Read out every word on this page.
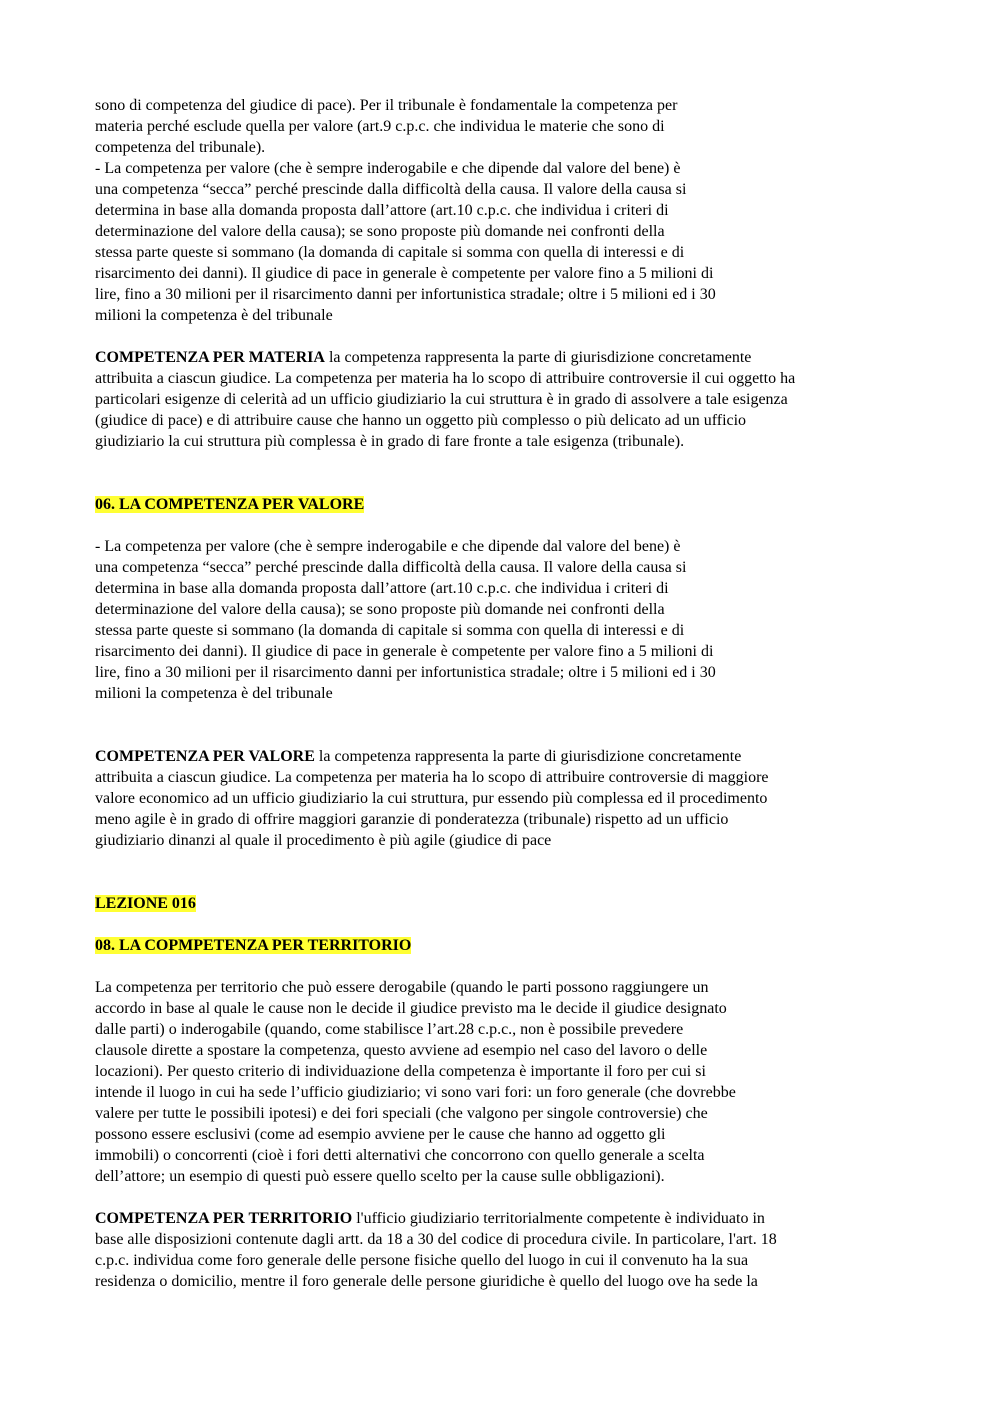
sono di competenza del giudice di pace). Per il tribunale è fondamentale la competenza per
materia perché esclude quella per valore (art.9 c.p.c. che individua le materie che sono di
competenza del tribunale).
- La competenza per valore (che è sempre inderogabile e che dipende dal valore del bene) è
una competenza “secca” perché prescinde dalla difficoltà della causa. Il valore della causa si
determina in base alla domanda proposta dall’attore (art.10 c.p.c. che individua i criteri di
determinazione del valore della causa); se sono proposte più domande nei confronti della
stessa parte queste si sommano (la domanda di capitale si somma con quella di interessi e di
risarcimento dei danni). Il giudice di pace in generale è competente per valore fino a 5 milioni di
lire, fino a 30 milioni per il risarcimento danni per infortunistica stradale; oltre i 5 milioni ed i 30
milioni la competenza è del tribunale
COMPETENZA PER MATERIA la competenza rappresenta la parte di giurisdizione concretamente
attribuita a ciascun giudice. La competenza per materia ha lo scopo di attribuire controversie il cui oggetto ha
particolari esigenze di celerità ad un ufficio giudiziario la cui struttura è in grado di assolvere a tale esigenza
(giudice di pace) e di attribuire cause che hanno un oggetto più complesso o più delicato ad un ufficio
giudiziario la cui struttura più complessa è in grado di fare fronte a tale esigenza (tribunale).
06. LA COMPETENZA PER VALORE
- La competenza per valore (che è sempre inderogabile e che dipende dal valore del bene) è
una competenza “secca” perché prescinde dalla difficoltà della causa. Il valore della causa si
determina in base alla domanda proposta dall’attore (art.10 c.p.c. che individua i criteri di
determinazione del valore della causa); se sono proposte più domande nei confronti della
stessa parte queste si sommano (la domanda di capitale si somma con quella di interessi e di
risarcimento dei danni). Il giudice di pace in generale è competente per valore fino a 5 milioni di
lire, fino a 30 milioni per il risarcimento danni per infortunistica stradale; oltre i 5 milioni ed i 30
milioni la competenza è del tribunale
COMPETENZA PER VALORE la competenza rappresenta la parte di giurisdizione concretamente
attribuita a ciascun giudice. La competenza per materia ha lo scopo di attribuire controversie di maggiore
valore economico ad un ufficio giudiziario la cui struttura, pur essendo più complessa ed il procedimento
meno agile è in grado di offrire maggiori garanzie di ponderatezza (tribunale) rispetto ad un ufficio
giudiziario dinanzi al quale il procedimento è più agile (giudice di pace
LEZIONE 016
08. LA COPMPETENZA PER TERRITORIO
La competenza per territorio che può essere derogabile (quando le parti possono raggiungere un
accordo in base al quale le cause non le decide il giudice previsto ma le decide il giudice designato
dalle parti) o inderogabile (quando, come stabilisce l’art.28 c.p.c., non è possibile prevedere
clausole dirette a spostare la competenza, questo avviene ad esempio nel caso del lavoro o delle
locazioni). Per questo criterio di individuazione della competenza è importante il foro per cui si
intende il luogo in cui ha sede l’ufficio giudiziario; vi sono vari fori: un foro generale (che dovrebbe
valere per tutte le possibili ipotesi) e dei fori speciali (che valgono per singole controversie) che
possono essere esclusivi (come ad esempio avviene per le cause che hanno ad oggetto gli
immobili) o concorrenti (cioè i fori detti alternativi che concorrono con quello generale a scelta
dell’attore; un esempio di questi può essere quello scelto per la cause sulle obbligazioni).
COMPETENZA PER TERRITORIO l'ufficio giudiziario territorialmente competente è individuato in
base alle disposizioni contenute dagli artt. da 18 a 30 del codice di procedura civile. In particolare, l'art. 18
c.p.c. individua come foro generale delle persone fisiche quello del luogo in cui il convenuto ha la sua
residenza o domicilio, mentre il foro generale delle persone giuridiche è quello del luogo ove ha sede la
